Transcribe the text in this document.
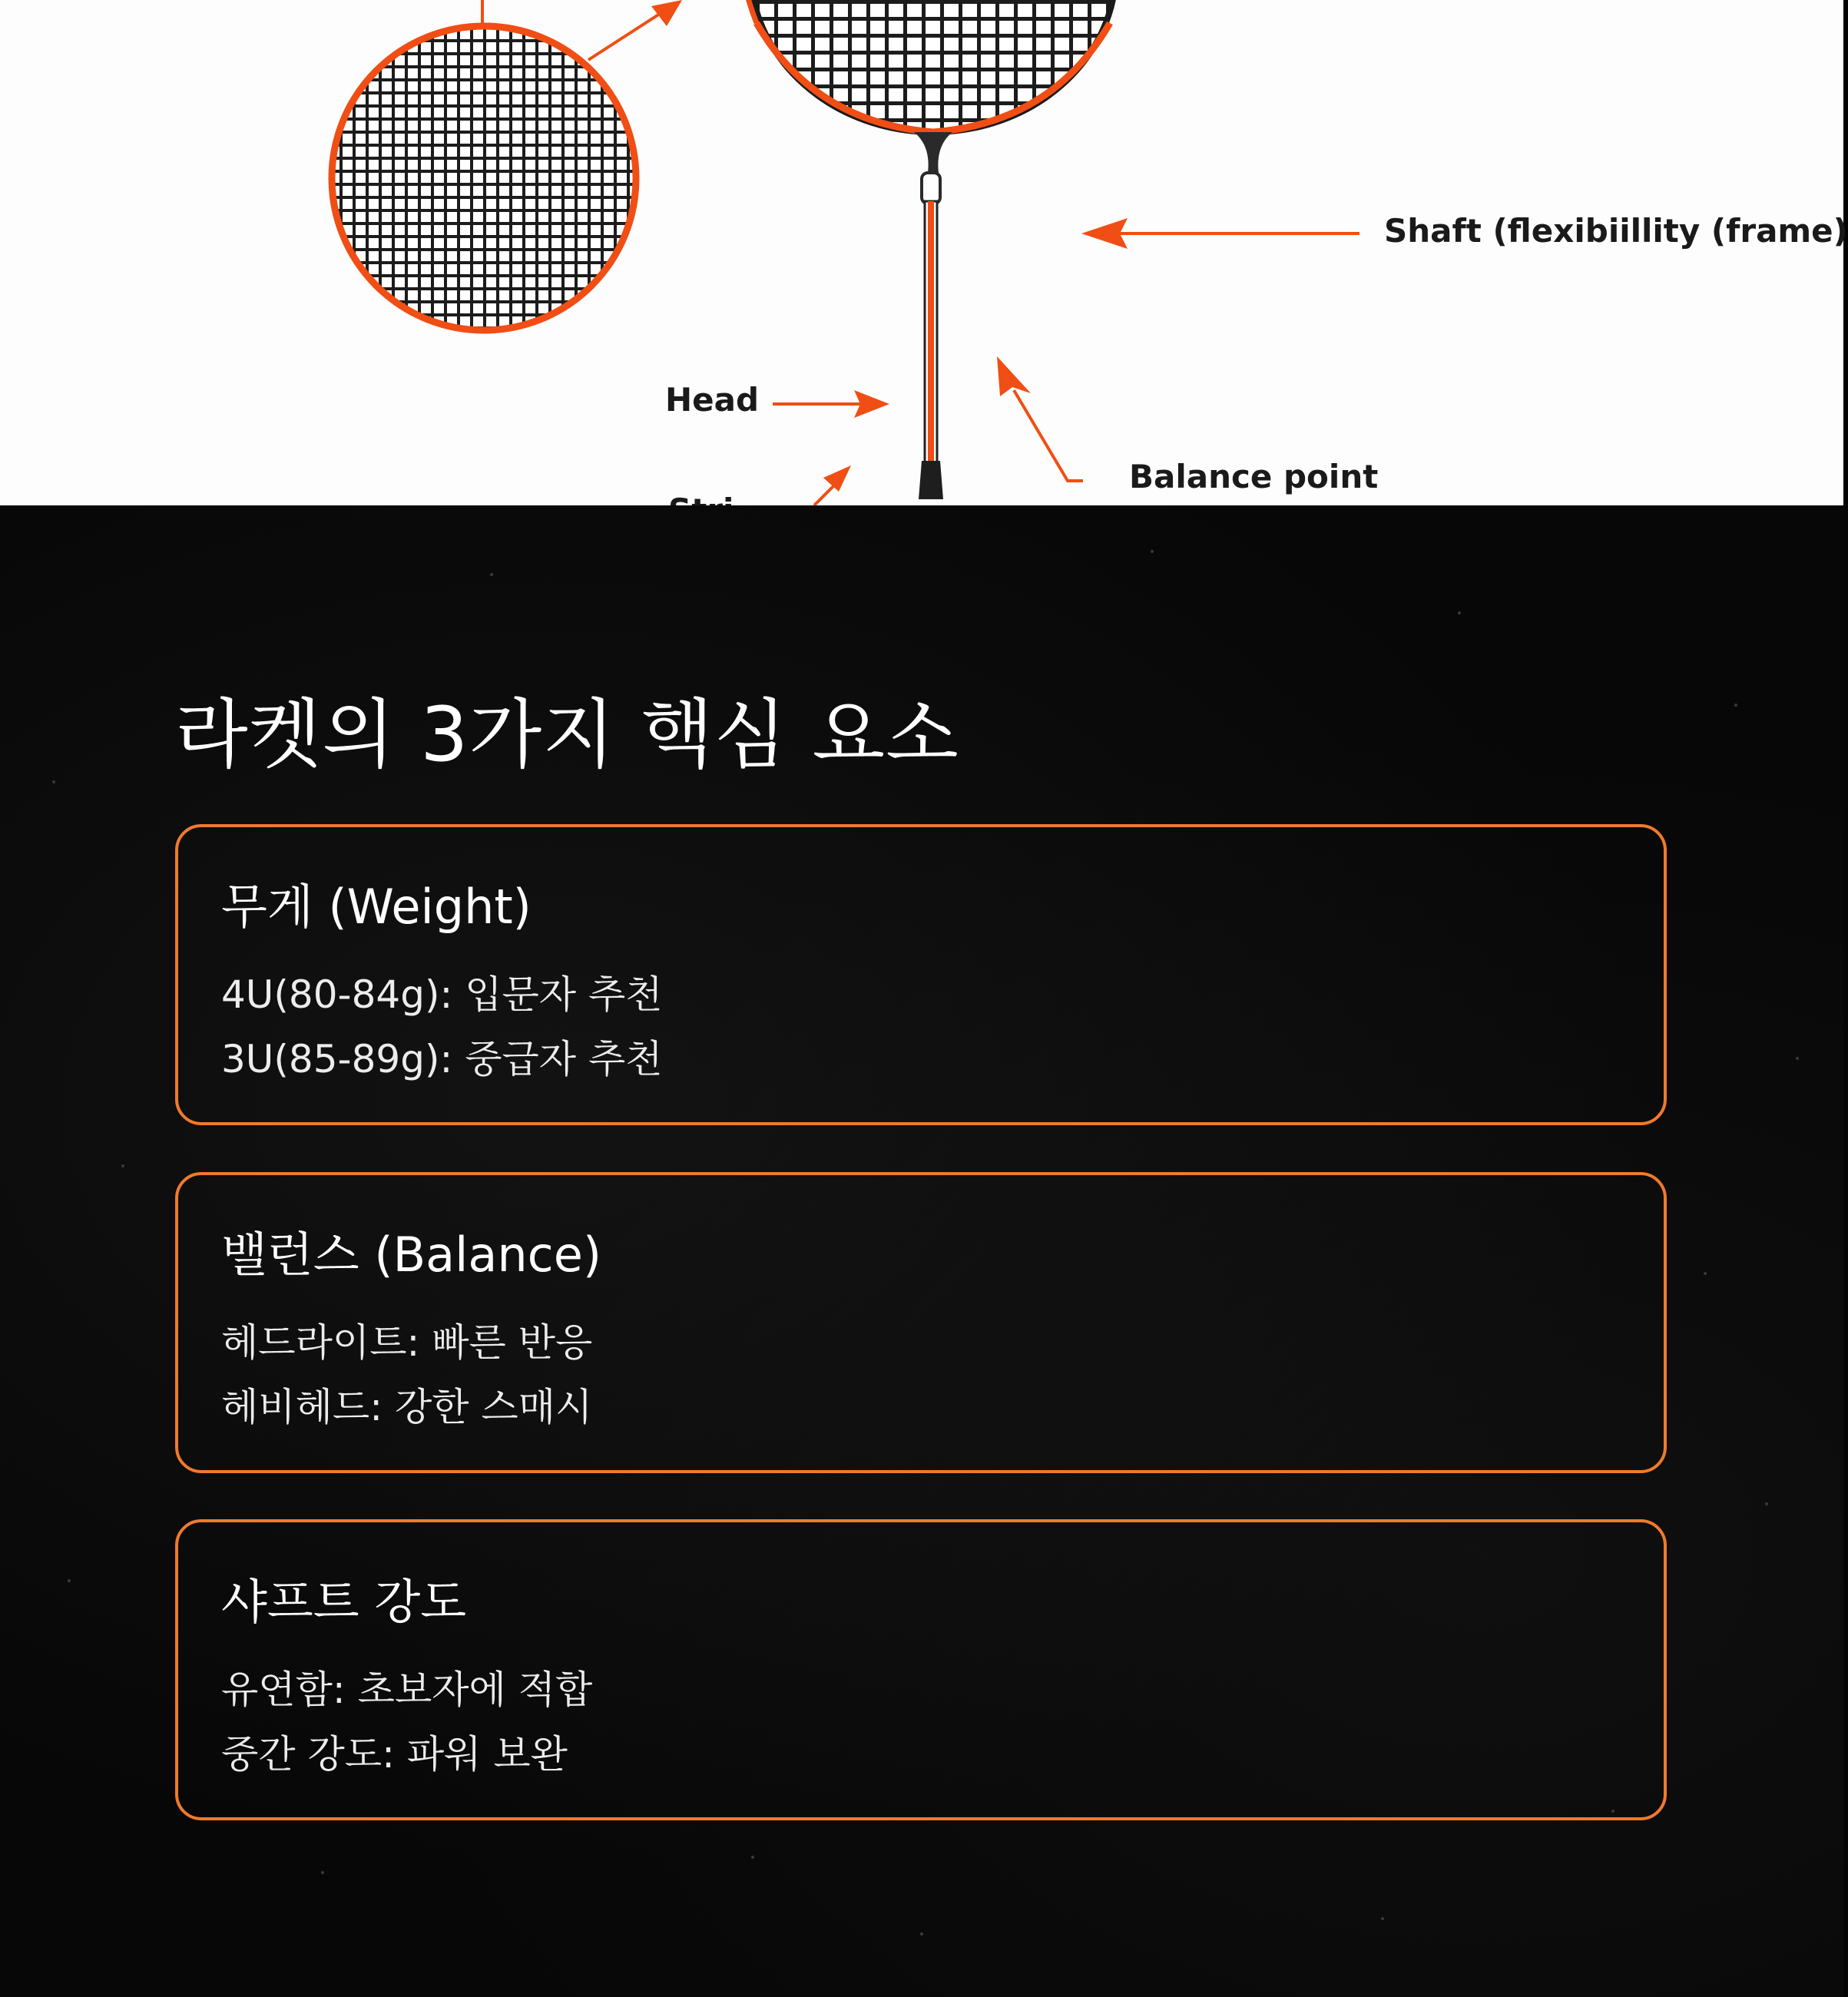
Shaft (flexibiillity (frame)
Head
Balance point
라켓의 3가지 핵심 요소
무게 (Weight)
4U(80-84g): 입문자 추천
3U(85-89g): 중급자 추천
밸런스 (Balance)
헤드라이트: 빠른 반응
헤비헤드: 강한 스매시
샤프트 강도
유연함: 초보자에 적합
중간 강도: 파워 보완
